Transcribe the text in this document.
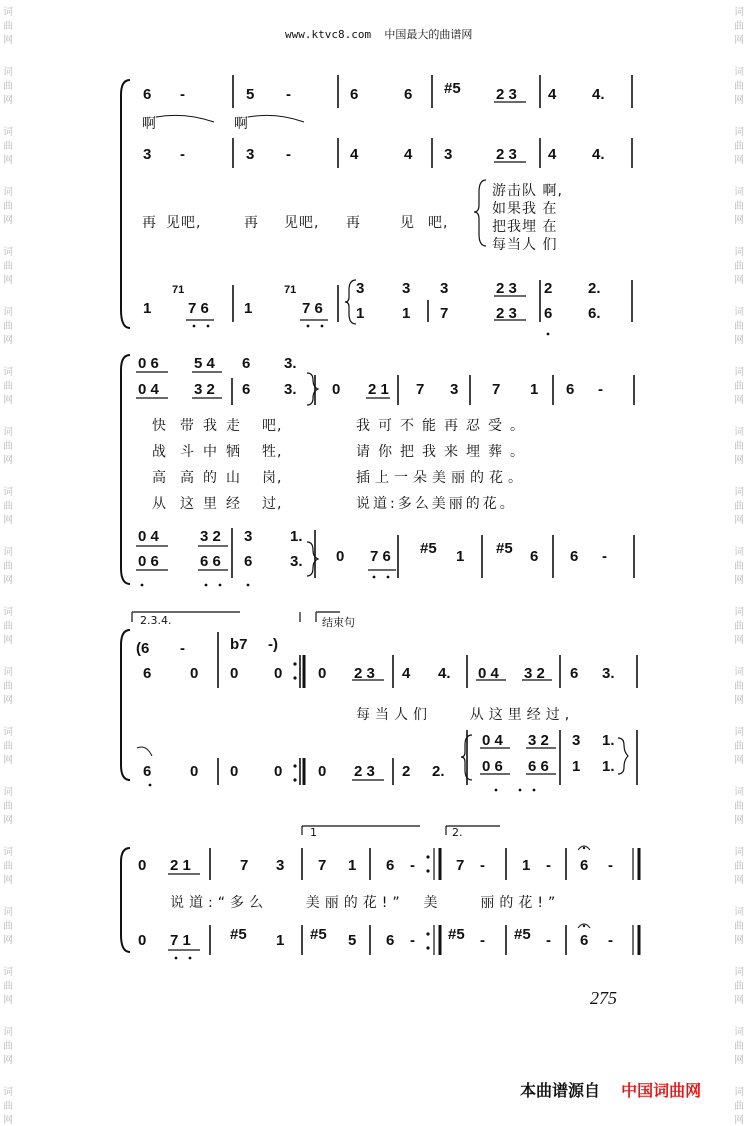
词
曲
网
词
曲
网
词
曲
网
词
曲
网
词
曲
网
词
曲
网
词
曲
网
词
曲
网
词
曲
网
词
曲
网
词
曲
网
词
曲
网
词
曲
网
词
曲
网
词
曲
网
词
曲
网
词
曲
网
词
曲
网
词
曲
网
词
曲
网
词
曲
网
词
曲
网
词
曲
网
词
曲
网
词
曲
网
词
曲
网
词
曲
网
词
曲
网
词
曲
网
词
曲
网
词
曲
网
词
曲
网
词
曲
网
词
曲
网
词
曲
网
词
曲
网
词
曲
网
词
曲
网
www.ktvc8.com 中国最大的曲谱网
6 -	5 -	6	6 #5 2 3 4 4.
啊	啊
3 -	3 -	4	4 3	2 3 4 4.
再 见吧,	再 见吧, 再	见 吧,
游击队 啊,
如果我 在
把我埋 在
每当人 们
1
71
7 6 1
71
7 6
3	3 3	2 3 2 2.
1	1 7	2 3 6 6.
0 6 5 4 6 3.
0 4 3 2 6 3. 0 2 1 7 3 7 1 6 -
快 带我走 吧,	我可不能再忍受。
战 斗中牺 牲,	请你把我来埋葬。
高 高的山 岗,	插上一朵美丽的花。
从 这里经 过,	说道:多么美丽的花。
0 4	3 2 3	1.
0 6	6 6 6	3. 0 7 6 #5 1 #5 6 6 -
2.3.4.	结束句
(6 -	b7 -)
6	0 0 0 0 2 3 4 4. 0 4 3 2 6 3.
每当人们    从这里经过,
6	0 0 0 0 2 3 2 2.
0 4 3 2 3 1.
0 6 6 6 1 1.
1	2.
0 2 1	7 3 7 1 6 -	7 - 1 - 6 -
说道:“多么    美丽的花!”  美    丽的花!”
0 7 1	#5 1 #5 5 6 - #5 - #5 - 6 -
275
本曲谱源自 中国词曲网
